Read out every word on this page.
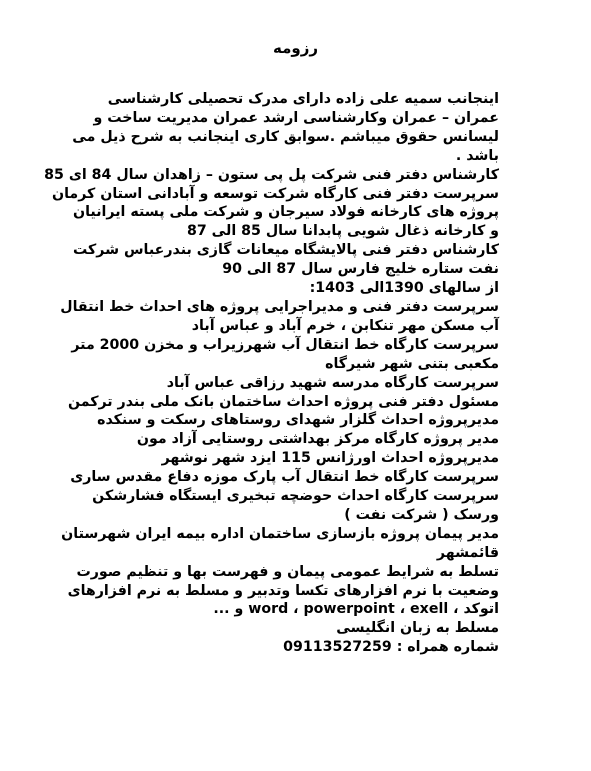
رزومه
اینجانب سمیه علی زاده دارای مدرک تحصیلی کارشناسی
عمران – عمران وکارشناسی ارشد عمران مدیریت ساخت و
لیسانس حقوق میباشم .سوابق کاری اینجانب به شرح ذیل می
باشد .
کارشناس دفتر فنی شرکت پل پی ستون – زاهدان سال 84 ای 85
سرپرست دفتر فنی کارگاه شرکت توسعه و آبادانی استان کرمان
پروژه های کارخانه فولاد سیرجان و شرکت ملی پسته ایرانیان
و کارخانه ذغال شویی پابدانا سال 85 الی 87
کارشناس دفتر فنی پالایشگاه میعانات گازی بندرعباس شرکت
نفت ستاره خلیج فارس سال 87 الی 90
از سالهای 1390الی 1403:
سرپرست دفتر فنی و مدیراجرایی پروژه های احداث خط انتقال
آب مسکن مهر تنکابن ، خرم آباد و عباس آباد
سرپرست کارگاه خط انتقال آب شهرزیراب و مخزن 2000 متر
مکعبی بتنی شهر شیرگاه
سرپرست کارگاه مدرسه شهید رزاقی عباس آباد
مسئول دفتر فنی پروژه احداث ساختمان بانک ملی بندر ترکمن
مدیرپروژه احداث گلزار شهدای روستاهای رسکت و سنکده
مدیر پروژه کارگاه مرکز بهداشتی روستایی آزاد مون
مدیرپروژه احداث اورژانس 115 ایزد شهر نوشهر
سرپرست کارگاه خط انتقال آب پارک موزه دفاع مقدس ساری
سرپرست کارگاه احداث حوضچه تبخیری ایستگاه فشارشکن
ورسک ( شرکت نفت )
مدیر پیمان پروژه بازسازی ساختمان اداره بیمه ایران شهرستان
قائمشهر
تسلط به شرایط عمومی پیمان و فهرست بها و تنظیم صورت
وضعیت با نرم افزارهای تکسا وتدبیر و مسلط به نرم افزارهای
اتوکد ، word ، powerpoint ، exell و ...
مسلط به زبان انگلیسی
شماره همراه : 09113527259
